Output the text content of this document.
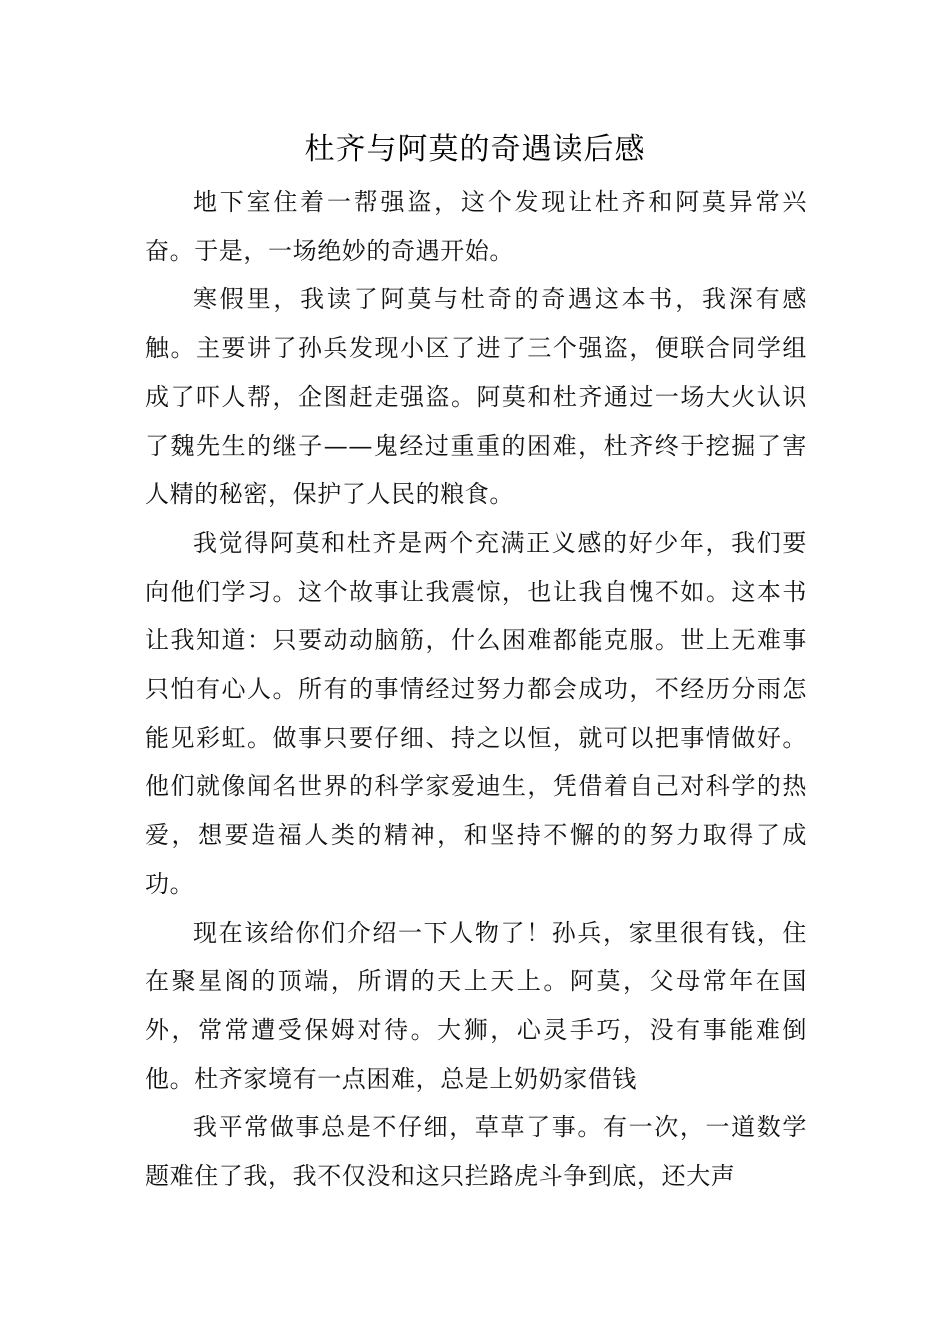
杜齐与阿莫的奇遇读后感

地下室住着一帮强盗，这个发现让杜齐和阿莫异常兴奋。于是，一场绝妙的奇遇开始。

寒假里，我读了阿莫与杜奇的奇遇这本书，我深有感触。主要讲了孙兵发现小区了进了三个强盗，便联合同学组成了吓人帮，企图赶走强盗。阿莫和杜齐通过一场大火认识了魏先生的继子——鬼经过重重的困难，杜齐终于挖掘了害人精的秘密，保护了人民的粮食。

我觉得阿莫和杜齐是两个充满正义感的好少年，我们要向他们学习。这个故事让我震惊，也让我自愧不如。这本书让我知道：只要动动脑筋，什么困难都能克服。世上无难事只怕有心人。所有的事情经过努力都会成功，不经历分雨怎能见彩虹。做事只要仔细、持之以恒，就可以把事情做好。他们就像闻名世界的科学家爱迪生，凭借着自己对科学的热爱，想要造福人类的精神，和坚持不懈的的努力取得了成功。

现在该给你们介绍一下人物了！孙兵，家里很有钱，住在聚星阁的顶端，所谓的天上天上。阿莫，父母常年在国外，常常遭受保姆对待。大狮，心灵手巧，没有事能难倒他。杜齐家境有一点困难，总是上奶奶家借钱

我平常做事总是不仔细，草草了事。有一次，一道数学题难住了我，我不仅没和这只拦路虎斗争到底，还大声
